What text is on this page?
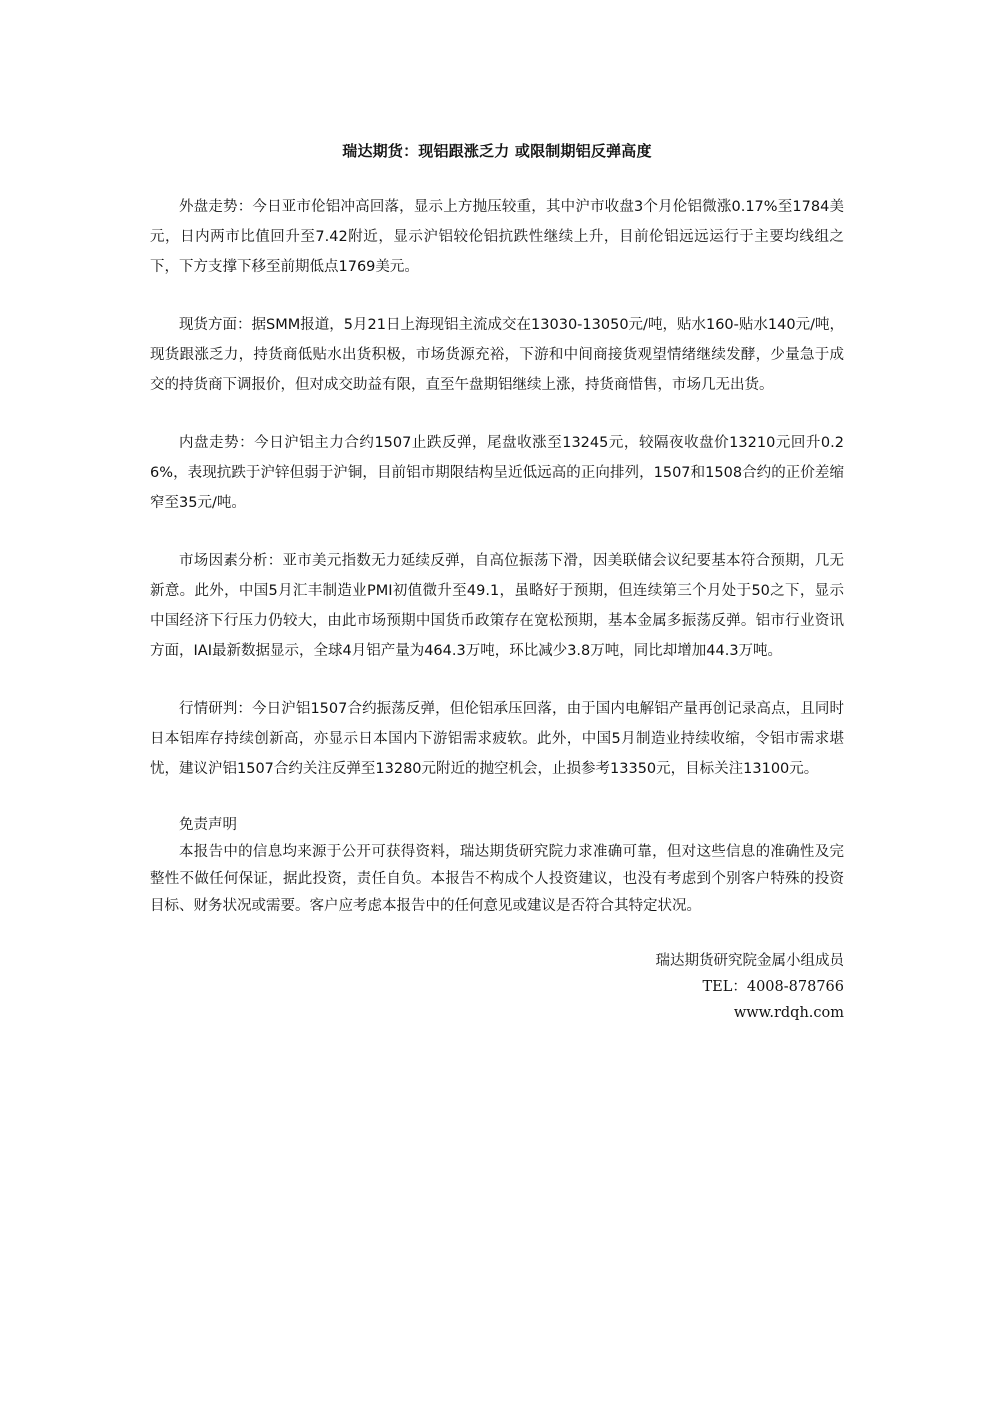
瑞达期货：现铝跟涨乏力 或限制期铝反弹高度

外盘走势：今日亚市伦铝冲高回落，显示上方抛压较重，其中沪市收盘3个月伦铝微涨0.17%至1784美元，日内两市比值回升至7.42附近，显示沪铝较伦铝抗跌性继续上升，目前伦铝远远运行于主要均线组之下，下方支撑下移至前期低点1769美元。

现货方面：据SMM报道，5月21日上海现铝主流成交在13030-13050元/吨，贴水160-贴水140元/吨，现货跟涨乏力，持货商低贴水出货积极，市场货源充裕，下游和中间商接货观望情绪继续发酵，少量急于成交的持货商下调报价，但对成交助益有限，直至午盘期铝继续上涨，持货商惜售，市场几无出货。

内盘走势：今日沪铝主力合约1507止跌反弹，尾盘收涨至13245元，较隔夜收盘价13210元回升0.26%，表现抗跌于沪锌但弱于沪铜，目前铝市期限结构呈近低远高的正向排列，1507和1508合约的正价差缩窄至35元/吨。

市场因素分析：亚市美元指数无力延续反弹，自高位振荡下滑，因美联储会议纪要基本符合预期，几无新意。此外，中国5月汇丰制造业PMI初值微升至49.1，虽略好于预期，但连续第三个月处于50之下，显示中国经济下行压力仍较大，由此市场预期中国货币政策存在宽松预期，基本金属多振荡反弹。铝市行业资讯方面，IAI最新数据显示，全球4月铝产量为464.3万吨，环比减少3.8万吨，同比却增加44.3万吨。

行情研判：今日沪铝1507合约振荡反弹，但伦铝承压回落，由于国内电解铝产量再创记录高点，且同时日本铝库存持续创新高，亦显示日本国内下游铝需求疲软。此外，中国5月制造业持续收缩，令铝市需求堪忧，建议沪铝1507合约关注反弹至13280元附近的抛空机会，止损参考13350元，目标关注13100元。

免责声明

本报告中的信息均来源于公开可获得资料，瑞达期货研究院力求准确可靠，但对这些信息的准确性及完整性不做任何保证，据此投资，责任自负。本报告不构成个人投资建议，也没有考虑到个别客户特殊的投资目标、财务状况或需要。客户应考虑本报告中的任何意见或建议是否符合其特定状况。

瑞达期货研究院金属小组成员
TEL：4008-878766
www.rdqh.com
